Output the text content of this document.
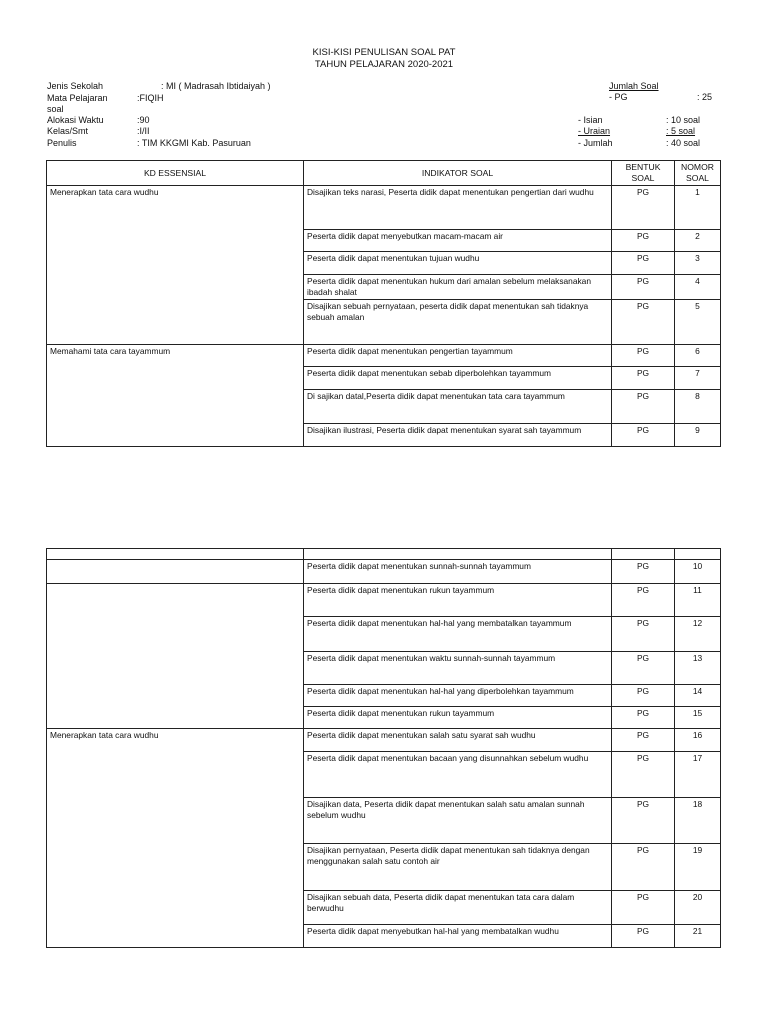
KISI-KISI PENULISAN SOAL PAT
TAHUN PELAJARAN 2020-2021
Jenis Sekolah	: MI ( Madrasah Ibtidaiyah )
Mata Pelajaran	:FIQIH
soal
Alokasi Waktu	:90
Kelas/Smt	:I/II
Penulis	: TIM KKGMI Kab. Pasuruan
Jumlah Soal
- PG	: 25
- Isian	: 10 soal
- Uraian	: 5 soal
- Jumlah	: 40 soal
KD ESSENSIAL	INDIKATOR SOAL	BENTUK SOAL	NOMOR SOAL
Menerapkan tata cara wudhu	Disajikan teks narasi, Peserta didik dapat menentukan pengertian dari wudhu	PG	1
	Peserta didik dapat menyebutkan macam-macam air	PG	2
	Peserta didik dapat menentukan tujuan wudhu	PG	3
	Peserta didik dapat menentukan hukum dari amalan sebelum melaksanakan ibadah shalat	PG	4
	Disajikan sebuah pernyataan, peserta didik dapat menentukan sah tidaknya sebuah amalan	PG	5
Memahami tata cara tayammum	Peserta didik dapat menentukan pengertian tayammum	PG	6
	Peserta didik dapat menentukan sebab diperbolehkan tayammum	PG	7
	Di sajikan datal,Peserta didik dapat menentukan tata cara tayammum	PG	8
	Disajikan ilustrasi, Peserta didik dapat menentukan syarat sah tayammum	PG	9

	Peserta didik dapat menentukan sunnah-sunnah tayammum	PG	10
	Peserta didik dapat menentukan rukun tayammum	PG	11
	Peserta didik dapat menentukan hal-hal yang membatalkan tayammum	PG	12
	Peserta didik dapat menentukan waktu sunnah-sunnah tayammum	PG	13
	Peserta didik dapat menentukan hal-hal yang diperbolehkan tayammum	PG	14
	Peserta didik dapat menentukan rukun tayammum	PG	15
Menerapkan tata cara wudhu	Peserta didik dapat menentukan salah satu syarat sah wudhu	PG	16
	Peserta didik dapat menentukan bacaan yang disunnahkan sebelum wudhu	PG	17
	Disajikan data, Peserta didik dapat menentukan salah satu amalan sunnah sebelum wudhu	PG	18
	Disajikan pernyataan, Peserta didik dapat menentukan sah tidaknya dengan menggunakan salah satu contoh air	PG	19
	Disajikan sebuah data, Peserta didik dapat menentukan tata cara dalam berwudhu	PG	20
	Peserta didik dapat menyebutkan hal-hal yang membatalkan wudhu	PG	21
